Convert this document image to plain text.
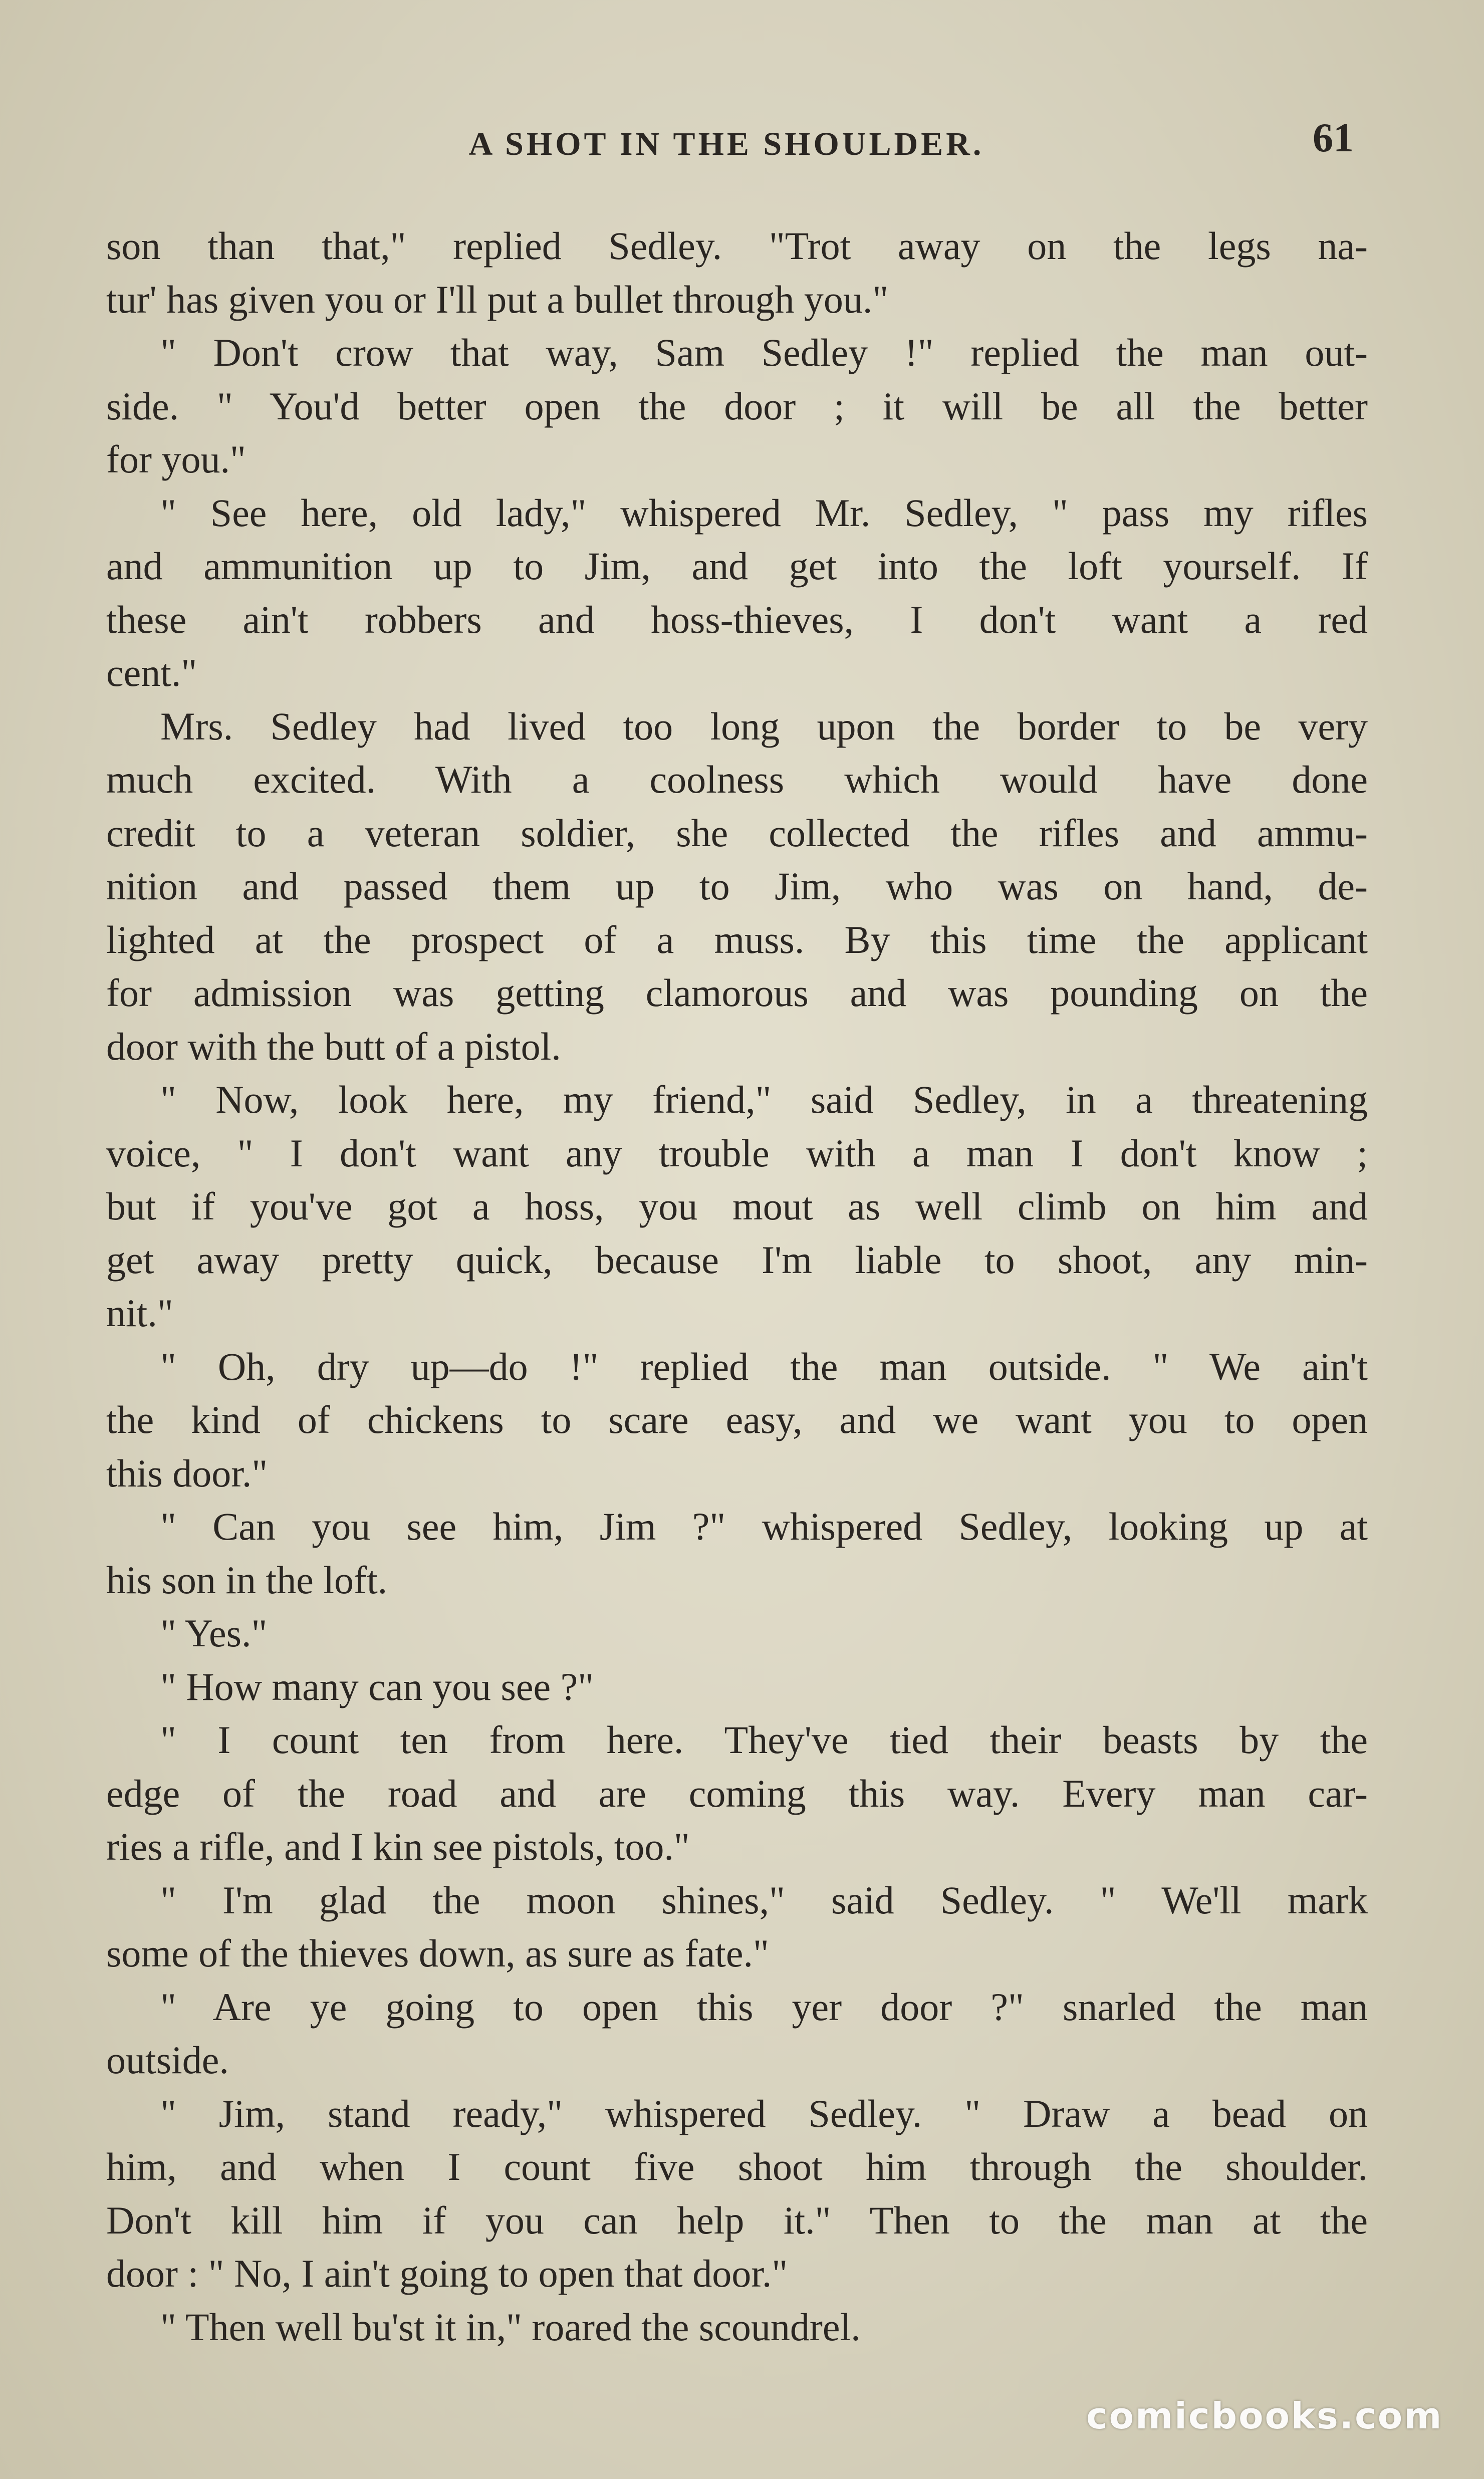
A SHOT IN THE SHOULDER.	61
son than that," replied Sedley. "Trot away on the legs na-
tur' has given you or I'll put a bullet through you."
" Don't crow that way, Sam Sedley !" replied the man out-
side. " You'd better open the door ; it will be all the better
for you."
" See here, old lady," whispered Mr. Sedley, " pass my rifles
and ammunition up to Jim, and get into the loft yourself. If
these ain't robbers and hoss-thieves, I don't want a red
cent."
Mrs. Sedley had lived too long upon the border to be very
much excited. With a coolness which would have done
credit to a veteran soldier, she collected the rifles and ammu-
nition and passed them up to Jim, who was on hand, de-
lighted at the prospect of a muss. By this time the applicant
for admission was getting clamorous and was pounding on the
door with the butt of a pistol.
" Now, look here, my friend," said Sedley, in a threatening
voice, " I don't want any trouble with a man I don't know ;
but if you've got a hoss, you mout as well climb on him and
get away pretty quick, because I'm liable to shoot, any min-
nit."
" Oh, dry up—do !" replied the man outside. " We ain't
the kind of chickens to scare easy, and we want you to open
this door."
" Can you see him, Jim ?" whispered Sedley, looking up at
his son in the loft.
" Yes."
" How many can you see ?"
" I count ten from here. They've tied their beasts by the
edge of the road and are coming this way. Every man car-
ries a rifle, and I kin see pistols, too."
" I'm glad the moon shines," said Sedley. " We'll mark
some of the thieves down, as sure as fate."
" Are ye going to open this yer door ?" snarled the man
outside.
" Jim, stand ready," whispered Sedley. " Draw a bead on
him, and when I count five shoot him through the shoulder.
Don't kill him if you can help it." Then to the man at the
door : " No, I ain't going to open that door."
" Then well bu'st it in," roared the scoundrel.
comicbooks.com
